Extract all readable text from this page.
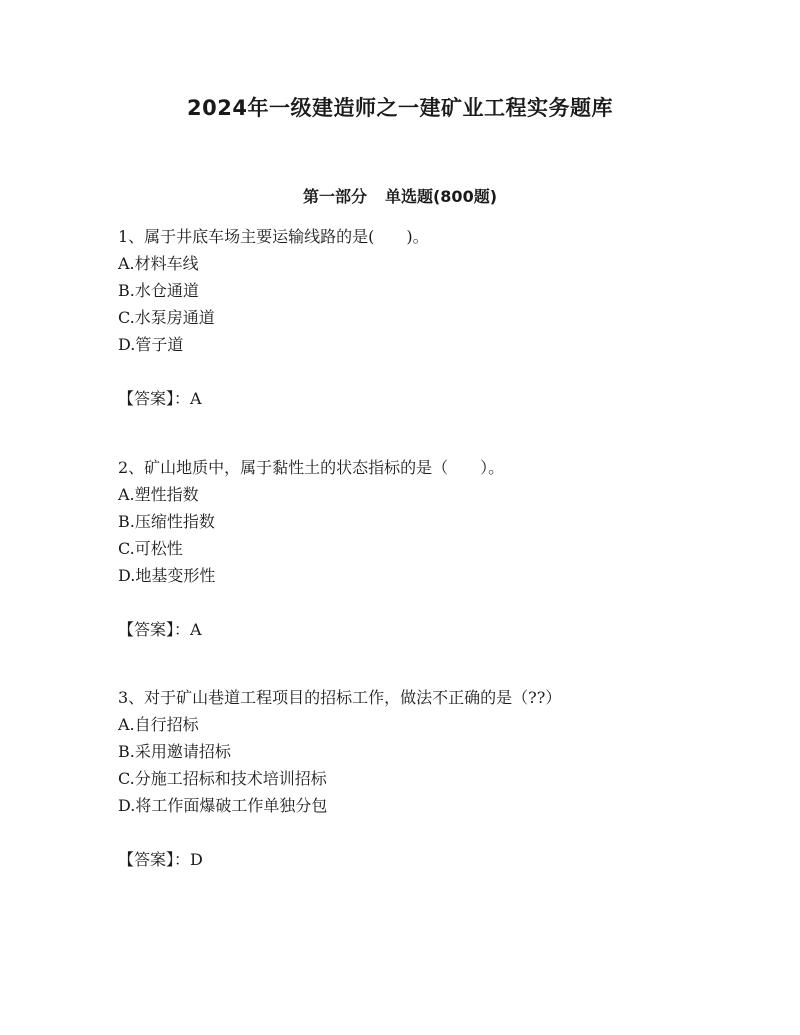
2024年一级建造师之一建矿业工程实务题库
第一部分 单选题(800题)
1、属于井底车场主要运输线路的是(　　)。
A.材料车线
B.水仓通道
C.水泵房通道
D.管子道
【答案】：A
2、矿山地质中，属于黏性土的状态指标的是（　　）。
A.塑性指数
B.压缩性指数
C.可松性
D.地基变形性
【答案】：A
3、对于矿山巷道工程项目的招标工作，做法不正确的是（??）
A.自行招标
B.采用邀请招标
C.分施工招标和技术培训招标
D.将工作面爆破工作单独分包
【答案】：D
